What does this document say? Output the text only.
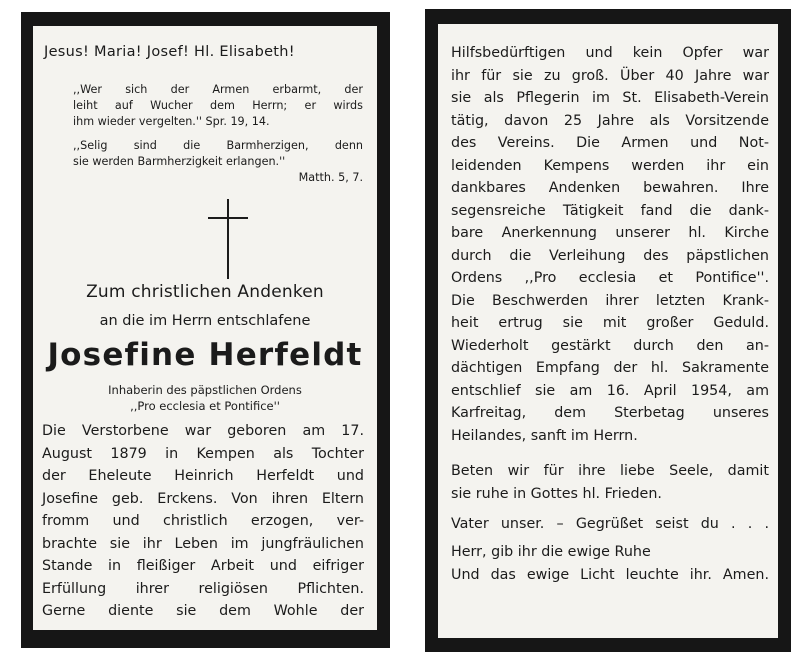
Jesus! Maria! Josef! Hl. Elisabeth!
,,Wer sich der Armen erbarmt, der
leiht auf Wucher dem Herrn; er wirds
ihm wieder vergelten.'' Spr. 19, 14.
,,Selig sind die Barmherzigen, denn
sie werden Barmherzigkeit erlangen.''
Matth. 5, 7.
Zum christlichen Andenken
an die im Herrn entschlafene
Josefine Herfeldt
Inhaberin des päpstlichen Ordens
,,Pro ecclesia et Pontifice''
Die Verstorbene war geboren am 17.
August 1879 in Kempen als Tochter
der Eheleute Heinrich Herfeldt und
Josefine geb. Erckens. Von ihren Eltern
fromm und christlich erzogen, ver-
brachte sie ihr Leben im jungfräulichen
Stande in fleißiger Arbeit und eifriger
Erfüllung ihrer religiösen Pflichten.
Gerne diente sie dem Wohle der
Hilfsbedürftigen und kein Opfer war
ihr für sie zu groß. Über 40 Jahre war
sie als Pflegerin im St. Elisabeth-Verein
tätig, davon 25 Jahre als Vorsitzende
des Vereins. Die Armen und Not-
leidenden Kempens werden ihr ein
dankbares Andenken bewahren. Ihre
segensreiche Tätigkeit fand die dank-
bare Anerkennung unserer hl. Kirche
durch die Verleihung des päpstlichen
Ordens ,,Pro ecclesia et Pontifice''.
Die Beschwerden ihrer letzten Krank-
heit ertrug sie mit großer Geduld.
Wiederholt gestärkt durch den an-
dächtigen Empfang der hl. Sakramente
entschlief sie am 16. April 1954, am
Karfreitag, dem Sterbetag unseres
Heilandes, sanft im Herrn.
Beten wir für ihre liebe Seele, damit
sie ruhe in Gottes hl. Frieden.
Vater unser. – Gegrüßet seist du . . .
Herr, gib ihr die ewige Ruhe
Und das ewige Licht leuchte ihr. Amen.
